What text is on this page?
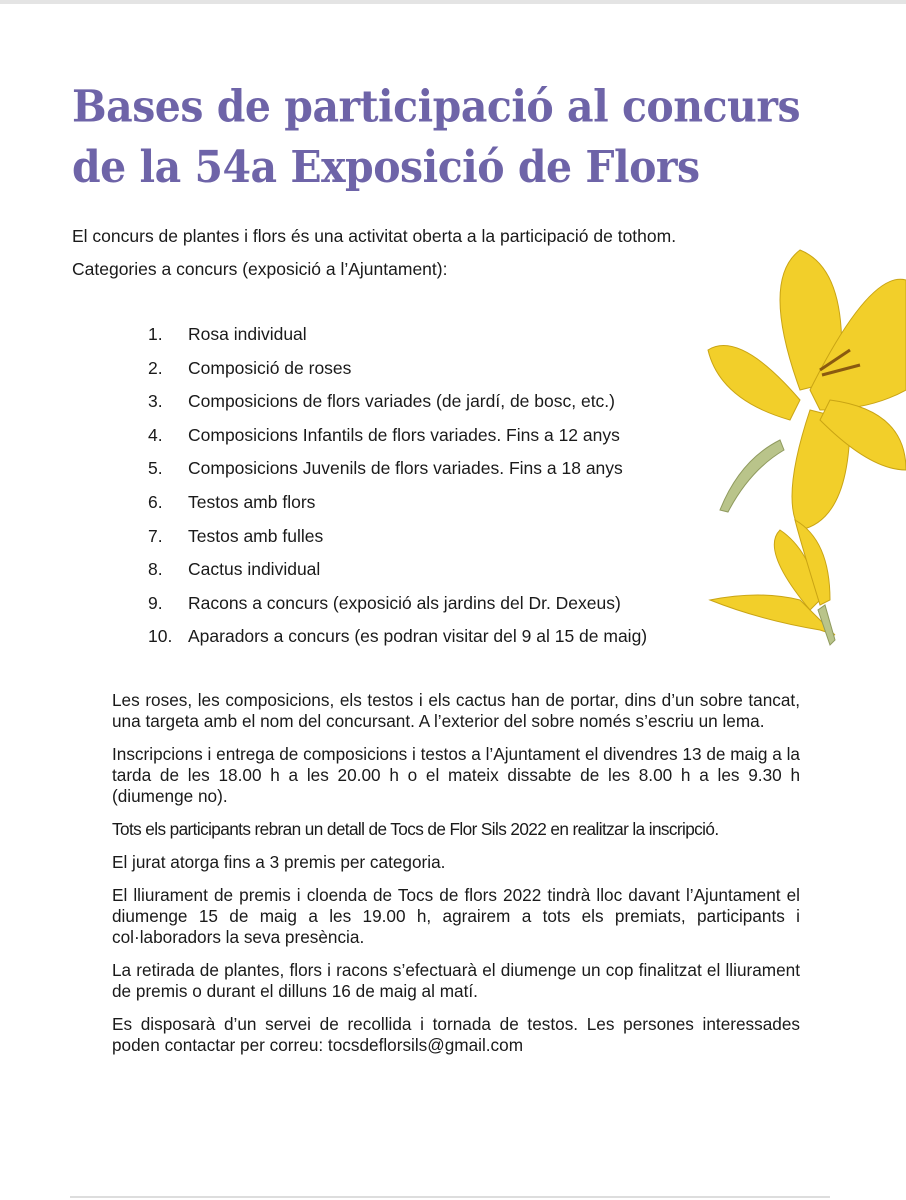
Bases de participació al concurs de la 54a Exposició de Flors
El concurs de plantes i flors és una activitat oberta a la participació de tothom.
Categories a concurs (exposició a l’Ajuntament):
1.	Rosa individual
2.	Composició de roses
3.	Composicions de flors variades (de jardí, de bosc, etc.)
4.	Composicions Infantils de flors variades. Fins a 12 anys
5.	Composicions Juvenils de flors variades. Fins a 18 anys
6.	Testos amb flors
7.	Testos amb fulles
8.	Cactus individual
9.	Racons a concurs (exposició als jardins del Dr. Dexeus)
10. Aparadors a concurs (es podran visitar del 9 al 15 de maig)

Les roses, les composicions, els testos i els cactus han de portar, dins d’un sobre tancat, una targeta amb el nom del concursant. A l’exterior del sobre només s’escriu un lema.

Inscripcions i entrega de composicions i testos a l’Ajuntament el divendres 13 de maig a la tarda de les 18.00 h a les 20.00 h o el mateix dissabte de les 8.00 h a les 9.30 h (diumenge no).

Tots els participants rebran un detall de Tocs de Flor Sils 2022 en realitzar la inscripció.

El jurat atorga fins a 3 premis per categoria.

El lliurament de premis i cloenda de Tocs de flors 2022 tindrà lloc davant l’Ajuntament el diumenge 15 de maig a les 19.00 h, agrairem a tots els premiats, participants i col·laboradors la seva presència.

La retirada de plantes, flors i racons s’efectuarà el diumenge un cop finalitzat el lliurament de premis o durant el dilluns 16 de maig al matí.

Es disposarà d’un servei de recollida i tornada de testos. Les persones interessades poden contactar per correu: tocsdeflorsils@gmail.com
